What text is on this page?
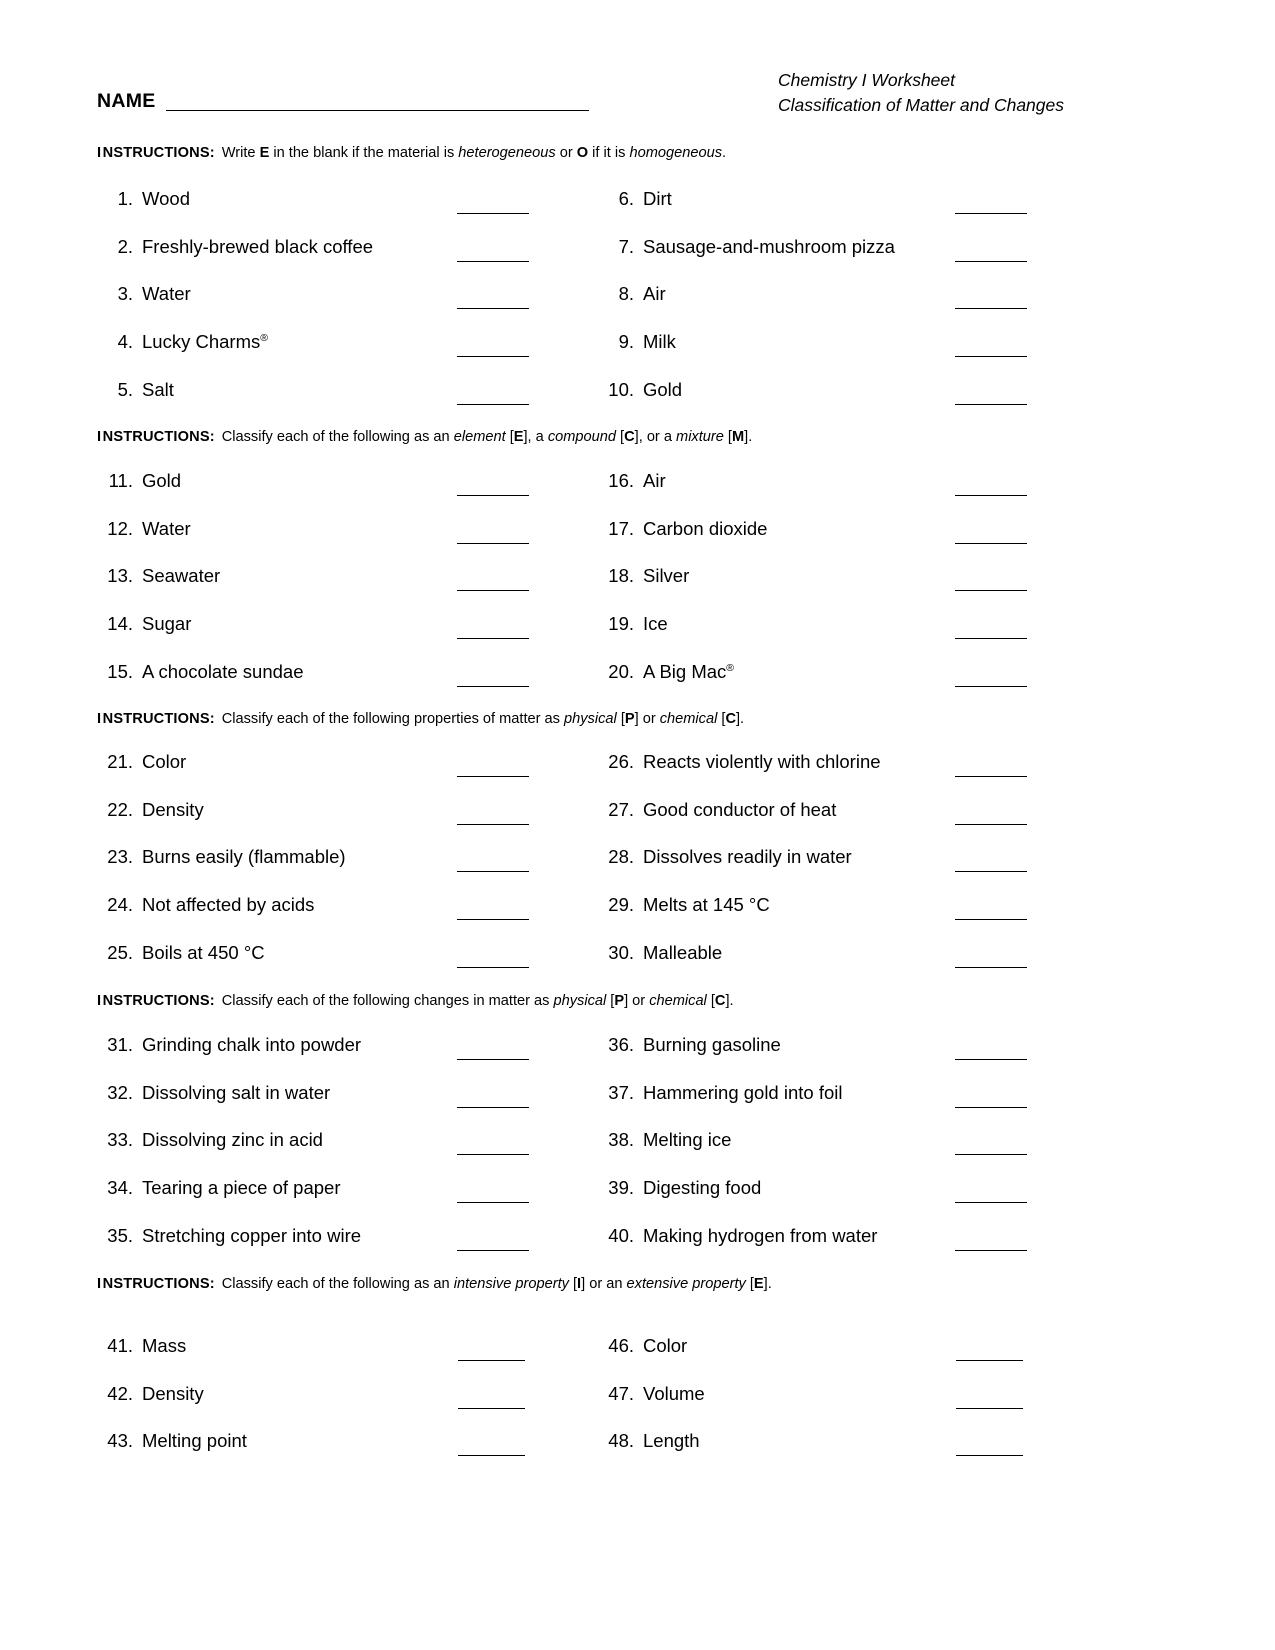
NAME
Chemistry I Worksheet
Classification of Matter and Changes
INSTRUCTIONS: Write E in the blank if the material is heterogeneous or O if it is homogeneous.
1. Wood	6. Dirt
2. Freshly-brewed black coffee	7. Sausage-and-mushroom pizza
3. Water	8. Air
4. Lucky Charms®	9. Milk
5. Salt	10. Gold
INSTRUCTIONS: Classify each of the following as an element [E], a compound [C], or a mixture [M].
11. Gold	16. Air
12. Water	17. Carbon dioxide
13. Seawater	18. Silver
14. Sugar	19. Ice
15. A chocolate sundae	20. A Big Mac®
INSTRUCTIONS: Classify each of the following properties of matter as physical [P] or chemical [C].
21. Color	26. Reacts violently with chlorine
22. Density	27. Good conductor of heat
23. Burns easily (flammable)	28. Dissolves readily in water
24. Not affected by acids	29. Melts at 145 °C
25. Boils at 450 °C	30. Malleable
INSTRUCTIONS: Classify each of the following changes in matter as physical [P] or chemical [C].
31. Grinding chalk into powder	36. Burning gasoline
32. Dissolving salt in water	37. Hammering gold into foil
33. Dissolving zinc in acid	38. Melting ice
34. Tearing a piece of paper	39. Digesting food
35. Stretching copper into wire	40. Making hydrogen from water
INSTRUCTIONS: Classify each of the following as an intensive property [I] or an extensive property [E].
41. Mass	46. Color
42. Density	47. Volume
43. Melting point	48. Length
